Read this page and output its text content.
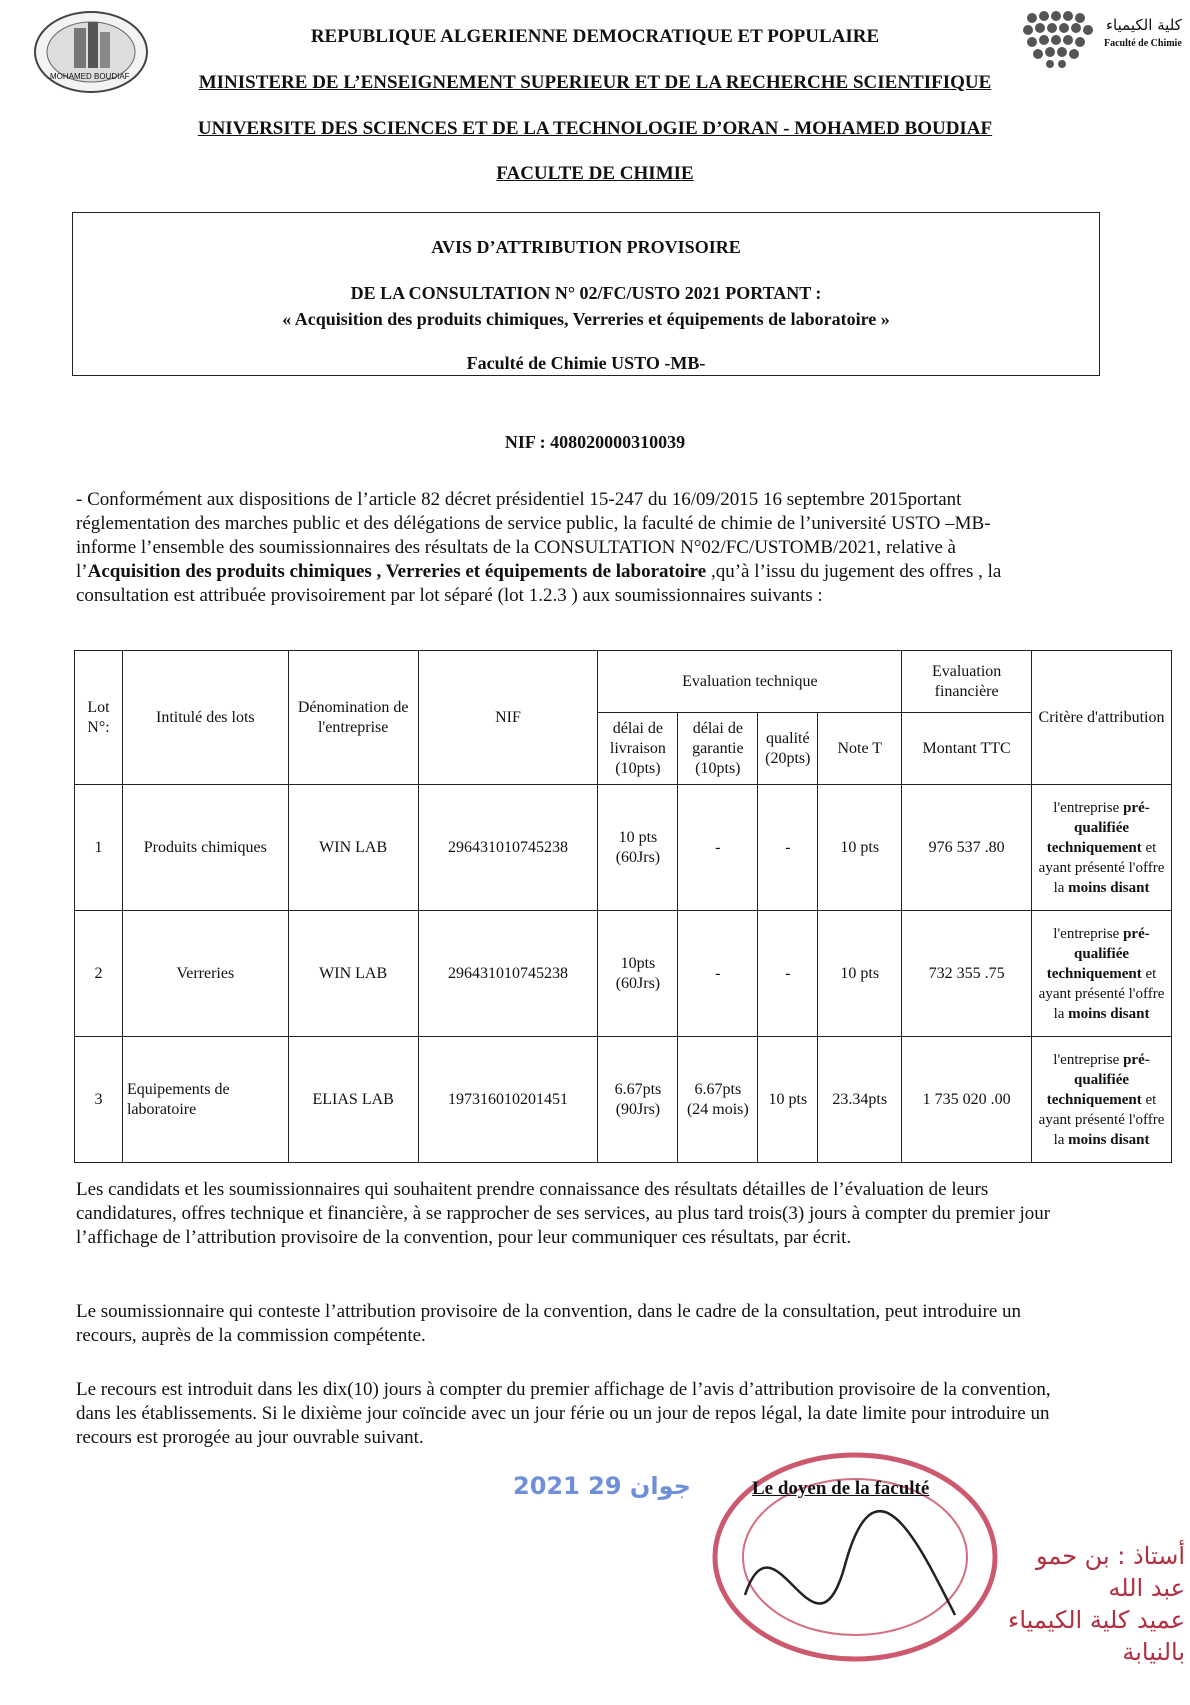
MOHAMED BOUDIAF
كلية الكيمياء
Faculté de Chimie
REPUBLIQUE ALGERIENNE DEMOCRATIQUE ET POPULAIRE
MINISTERE DE L’ENSEIGNEMENT SUPERIEUR ET DE LA RECHERCHE SCIENTIFIQUE
UNIVERSITE DES SCIENCES ET DE LA TECHNOLOGIE D’ORAN - MOHAMED BOUDIAF
FACULTE DE CHIMIE
AVIS D’ATTRIBUTION PROVISOIRE
DE LA CONSULTATION N° 02/FC/USTO 2021 PORTANT :
« Acquisition des produits chimiques, Verreries et équipements de laboratoire »
Faculté de Chimie USTO -MB-
NIF : 408020000310039
- Conformément aux dispositions de l’article 82 décret présidentiel 15-247 du 16/09/2015 16 septembre 2015portant réglementation des marches public et des délégations de service public, la faculté de chimie de l’université USTO –MB- informe l’ensemble des soumissionnaires des résultats de la CONSULTATION N°02/FC/USTOMB/2021, relative à l’Acquisition des produits chimiques , Verreries et équipements de laboratoire ,qu’à l’issu du jugement des offres , la consultation est attribuée provisoirement par lot séparé (lot 1.2.3 ) aux soumissionnaires suivants :
Lot N°:	Intitulé des lots	Dénomination de l'entreprise	NIF	Evaluation technique				Evaluation financière	Critère d'attribution
				délai de livraison (10pts)	délai de garantie (10pts)	qualité (20pts)	Note T	Montant TTC	
1	Produits chimiques	WIN LAB	296431010745238	10 pts (60Jrs)	-	-	10 pts	976 537 .80	l'entreprise pré-qualifiée techniquement et ayant présenté l'offre la moins disant
2	Verreries	WIN LAB	296431010745238	10pts (60Jrs)	-	-	10 pts	732 355 .75	l'entreprise pré-qualifiée techniquement et ayant présenté l'offre la moins disant
3	Equipements de laboratoire	ELIAS LAB	197316010201451	6.67pts (90Jrs)	6.67pts (24 mois)	10 pts	23.34pts	1 735 020 .00	l'entreprise pré-qualifiée techniquement et ayant présenté l'offre la moins disant
Les candidats et les soumissionnaires qui souhaitent prendre connaissance des résultats détailles de l’évaluation de leurs candidatures, offres technique et financière, à se rapprocher de ses services, au plus tard trois(3) jours à compter du premier jour l’affichage de l’attribution provisoire de la convention, pour leur communiquer ces résultats, par écrit.
Le soumissionnaire qui conteste l’attribution provisoire de la convention, dans le cadre de la consultation, peut introduire un recours, auprès de la commission compétente.
Le recours est introduit dans les dix(10) jours à compter du premier affichage de l’avis d’attribution provisoire de la convention, dans les établissements. Si le dixième jour coïncide avec un jour férie ou un jour de repos légal, la date limite pour introduire un recours est prorogée au jour ouvrable suivant.
2021 جوان 29	Le doyen de la faculté
أستاذ : بن حمو عبد الله
عميد كلية الكيمياء
بالنيابة
